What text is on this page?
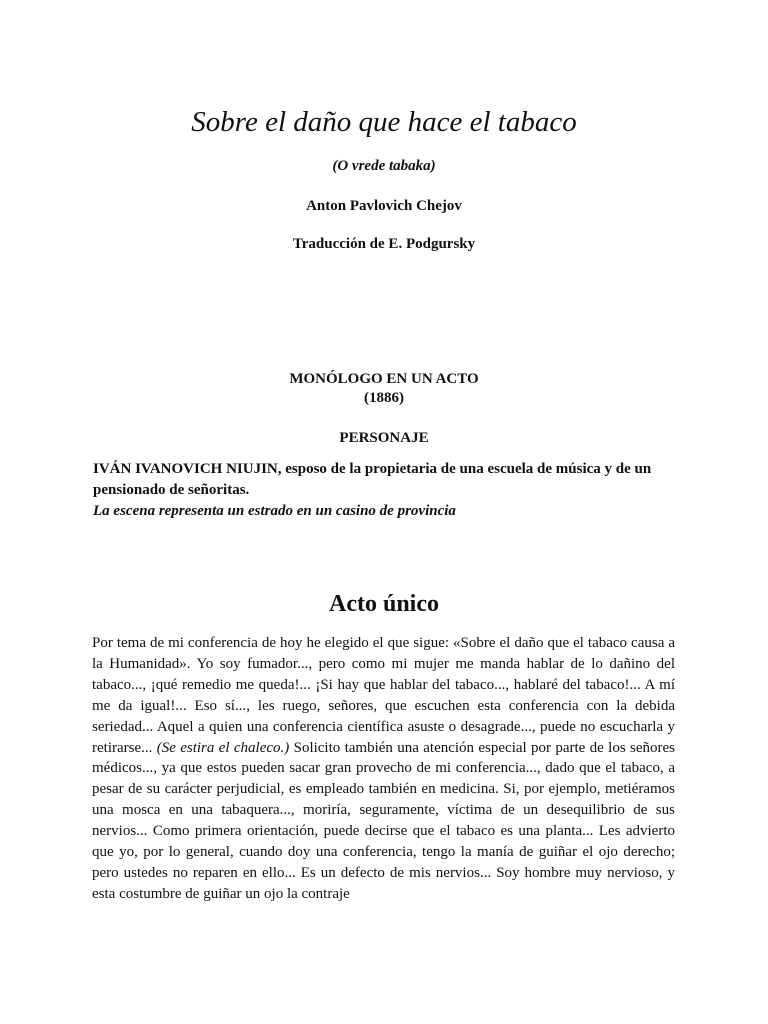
Sobre el daño que hace el tabaco
(O vrede tabaka)
Anton Pavlovich Chejov
Traducción de E. Podgursky
MONÓLOGO EN UN ACTO
(1886)
PERSONAJE
IVÁN IVANOVICH NIUJIN, esposo de la propietaria de una escuela de música y de un pensionado de señoritas.
La escena representa un estrado en un casino de provincia
Acto único
Por tema de mi conferencia de hoy he elegido el que sigue: «Sobre el daño que el tabaco causa a la Humanidad». Yo soy fumador..., pero como mi mujer me manda hablar de lo dañino del tabaco..., ¡qué remedio me queda!... ¡Si hay que hablar del tabaco..., hablaré del tabaco!... A mí me da igual!... Eso sí..., les ruego, señores, que escuchen esta conferencia con la debida seriedad... Aquel a quien una conferencia científica asuste o desagrade..., puede no escucharla y retirarse... (Se estira el chaleco.) Solicito también una atención especial por parte de los señores médicos..., ya que estos pueden sacar gran provecho de mi conferencia..., dado que el tabaco, a pesar de su carácter perjudicial, es empleado también en medicina. Si, por ejemplo, metiéramos una mosca en una tabaquera..., moriría, seguramente, víctima de un desequilibrio de sus nervios... Como primera orientación, puede decirse que el tabaco es una planta... Les advierto que yo, por lo general, cuando doy una conferencia, tengo la manía de guiñar el ojo derecho; pero ustedes no reparen en ello... Es un defecto de mis nervios... Soy hombre muy nervioso, y esta costumbre de guiñar un ojo la contraje
